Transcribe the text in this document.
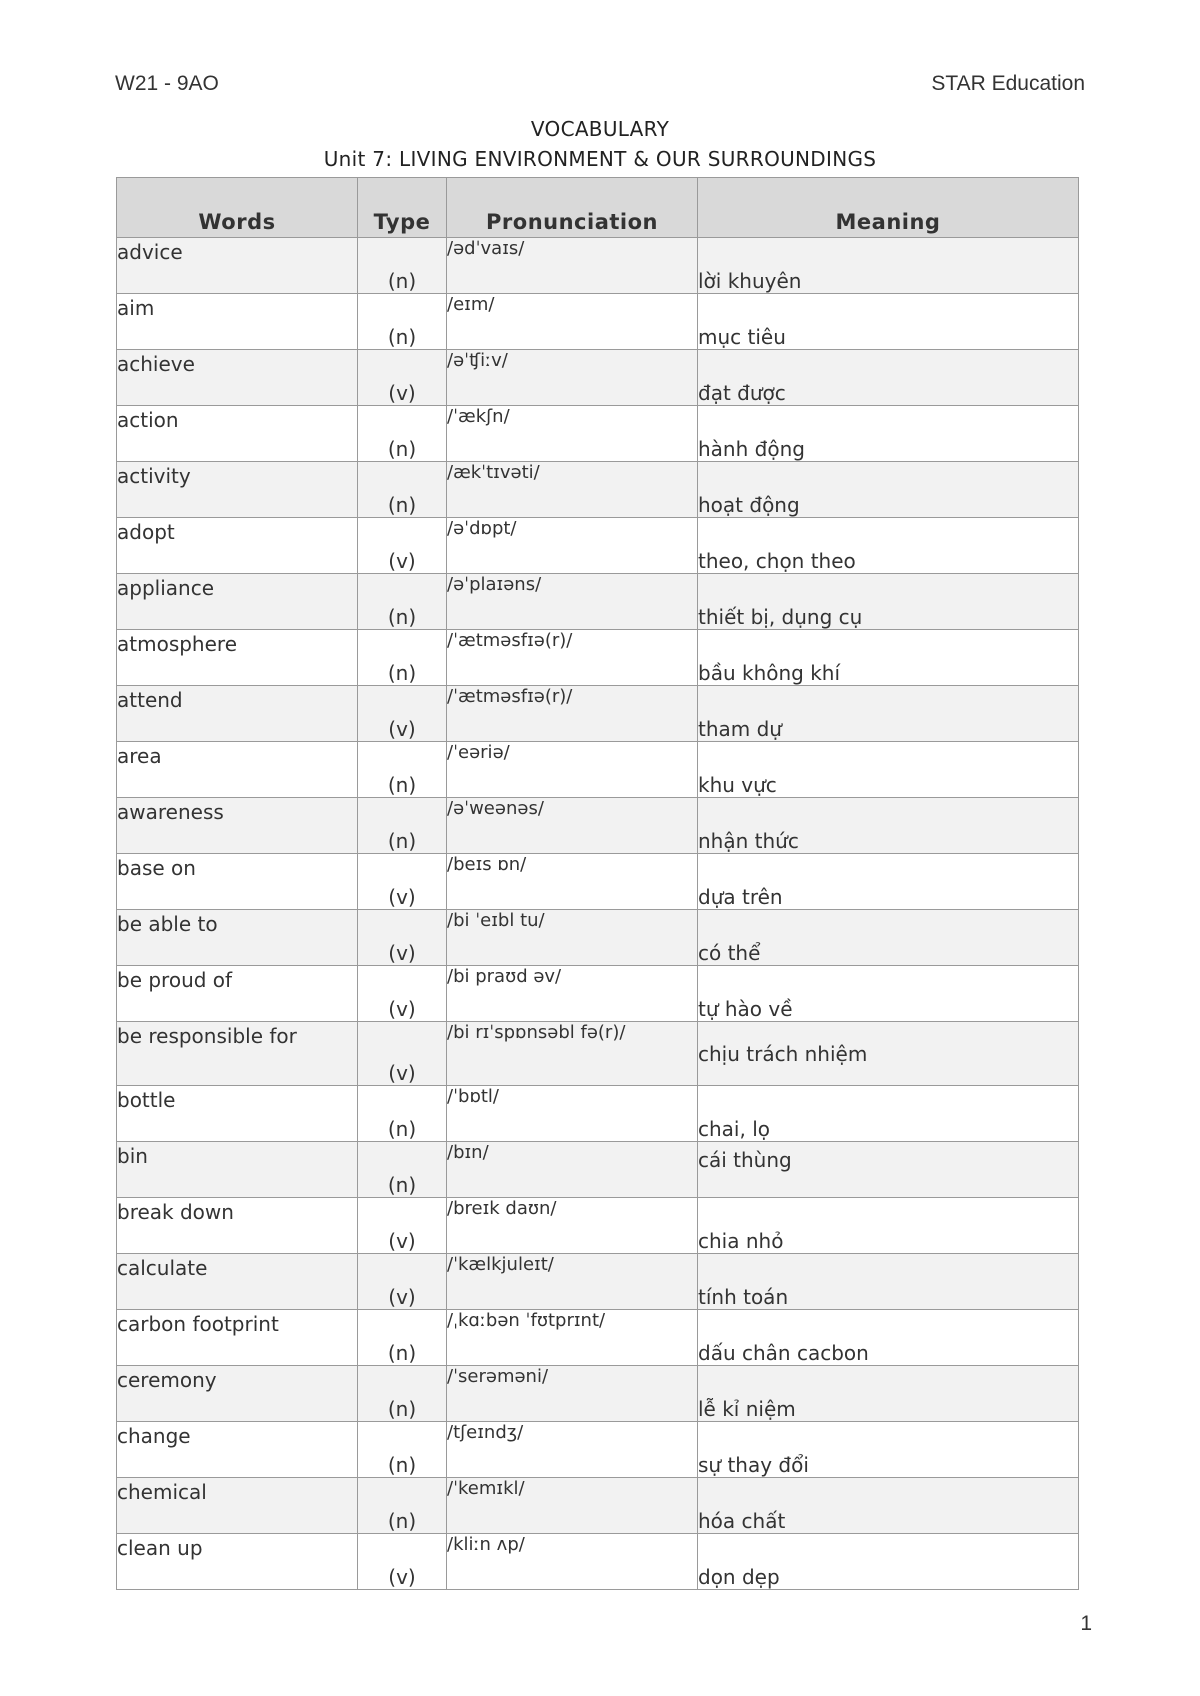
W21 - 9AO	STAR Education
VOCABULARY
Unit 7: LIVING ENVIRONMENT & OUR SURROUNDINGS
Words	Type	Pronunciation	Meaning
advice	(n)	/ədˈvaɪs/	lời khuyên
aim	(n)	/eɪm/	mục tiêu
achieve	(v)	/əˈʧiːv/	đạt được
action	(n)	/ˈækʃn/	hành động
activity	(n)	/ækˈtɪvəti/	hoạt động
adopt	(v)	/əˈdɒpt/	theo, chọn theo
appliance	(n)	/əˈplaɪəns/	thiết bị, dụng cụ
atmosphere	(n)	/ˈætməsfɪə(r)/	bầu không khí
attend	(v)	/ˈætməsfɪə(r)/	tham dự
area	(n)	/ˈeəriə/	khu vực
awareness	(n)	/əˈweənəs/	nhận thức
base on	(v)	/beɪs ɒn/	dựa trên
be able to	(v)	/bi ˈeɪbl tu/	có thể
be proud of	(v)	/bi praʊd əv/	tự hào về
be responsible for	(v)	/bi rɪˈspɒnsəbl fə(r)/	chịu trách nhiệm
bottle	(n)	/ˈbɒtl/	chai, lọ
bin	(n)	/bɪn/	cái thùng
break down	(v)	/breɪk daʊn/	chia nhỏ
calculate	(v)	/ˈkælkjuleɪt/	tính toán
carbon footprint	(n)	/ˌkɑːbən ˈfʊtprɪnt/	dấu chân cacbon
ceremony	(n)	/ˈserəməni/	lễ kỉ niệm
change	(n)	/tʃeɪndʒ/	sự thay đổi
chemical	(n)	/ˈkemɪkl/	hóa chất
clean up	(v)	/kliːn ʌp/	dọn dẹp
1
